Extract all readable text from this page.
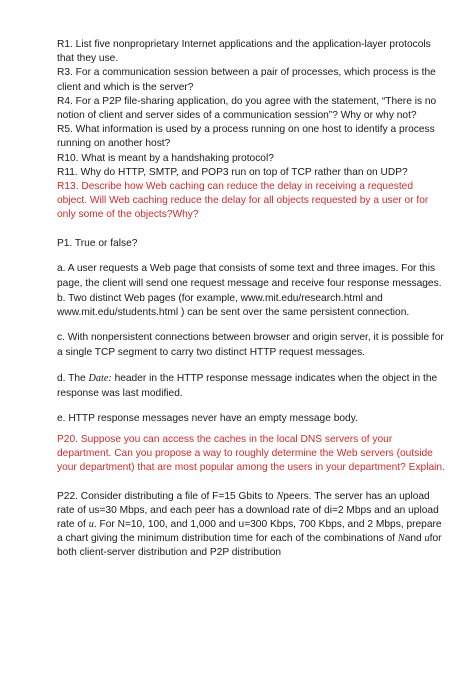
R1. List five nonproprietary Internet applications and the application-layer protocols that they use.

R3. For a communication session between a pair of processes, which process is the client and which is the server?

R4. For a P2P file-sharing application, do you agree with the statement, “There is no notion of client and server sides of a communication session”? Why or why not?

R5. What information is used by a process running on one host to identify a process running on another host?

R10. What is meant by a handshaking protocol?

R11. Why do HTTP, SMTP, and POP3 run on top of TCP rather than on UDP?

R13. Describe how Web caching can reduce the delay in receiving a requested object. Will Web caching reduce the delay for all objects requested by a user or for only some of the objects?Why?

P1. True or false?

a. A user requests a Web page that consists of some text and three images. For this page, the client will send one request message and receive four response messages.

b. Two distinct Web pages (for example, www.mit.edu/research.html and www.mit.edu/students.html ) can be sent over the same persistent connection.

c. With nonpersistent connections between browser and origin server, it is possible for a single TCP segment to carry two distinct HTTP request messages.

d. The Date: header in the HTTP response message indicates when the object in the response was last modified.

e. HTTP response messages never have an empty message body.

P20. Suppose you can access the caches in the local DNS servers of your department. Can you propose a way to roughly determine the Web servers (outside your department) that are most popular among the users in your department? Explain.

P22. Consider distributing a file of F=15 Gbits to Npeers. The server has an upload rate of us=30 Mbps, and each peer has a download rate of di=2 Mbps and an upload rate of u. For N=10, 100, and 1,000 and u=300 Kbps, 700 Kbps, and 2 Mbps, prepare a chart giving the minimum distribution time for each of the combinations of Nand ufor both client-server distribution and P2P distribution
